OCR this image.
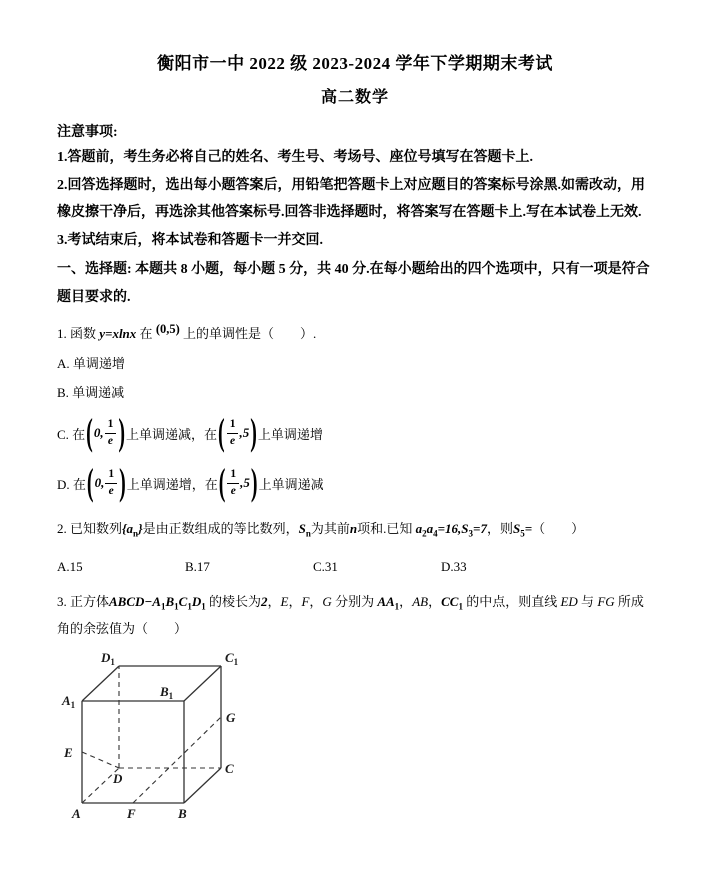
衡阳市一中 2022 级 2023-2024 学年下学期期末考试
高二数学

注意事项:

1.答题前，考生务必将自己的姓名、考生号、考场号、座位号填写在答题卡上.

2.回答选择题时，选出每小题答案后，用铅笔把答题卡上对应题目的答案标号涂黑.如需改动，用橡皮擦干净后，再选涂其他答案标号.回答非选择题时，将答案写在答题卡上.写在本试卷上无效.

3.考试结束后，将本试卷和答题卡一并交回.

一、选择题: 本题共 8 小题，每小题 5 分，共 40 分.在每小题给出的四个选项中，只有一项是符合题目要求的.

1. 函数 y=xlnx 在 (0,5) 上的单调性是（　　）.

A. 单调递增

B. 单调递减

C. 在 ( 0, $\frac{1}{e}$ ) 上单调递减，在 ( $\frac{1}{e} ,5$ ) 上单调递增

D. 在 ( 0, $\frac{1}{e}$ ) 上单调递增，在 ( $\frac{1}{e} ,5$ ) 上单调递减

2. 已知数列$\{a_n\}$是由正数组成的等比数列，$S_n$为其前n项和.已知 $a_2a_4=16,S_3=7$，则$S_5=$（　　）

A.15	B.17	C.31	D.33

3. 正方体$ABCD-A_1B_1C_1D_1$ 的棱长为2，E，F，G 分别为 $AA_1$，AB，$CC_1$ 的中点，则直线 ED 与 FG 所成角的余弦值为（　　）

$A_1$
$B_1$
$C_1$
$D_1$
A	B
C
D
E
F
G
